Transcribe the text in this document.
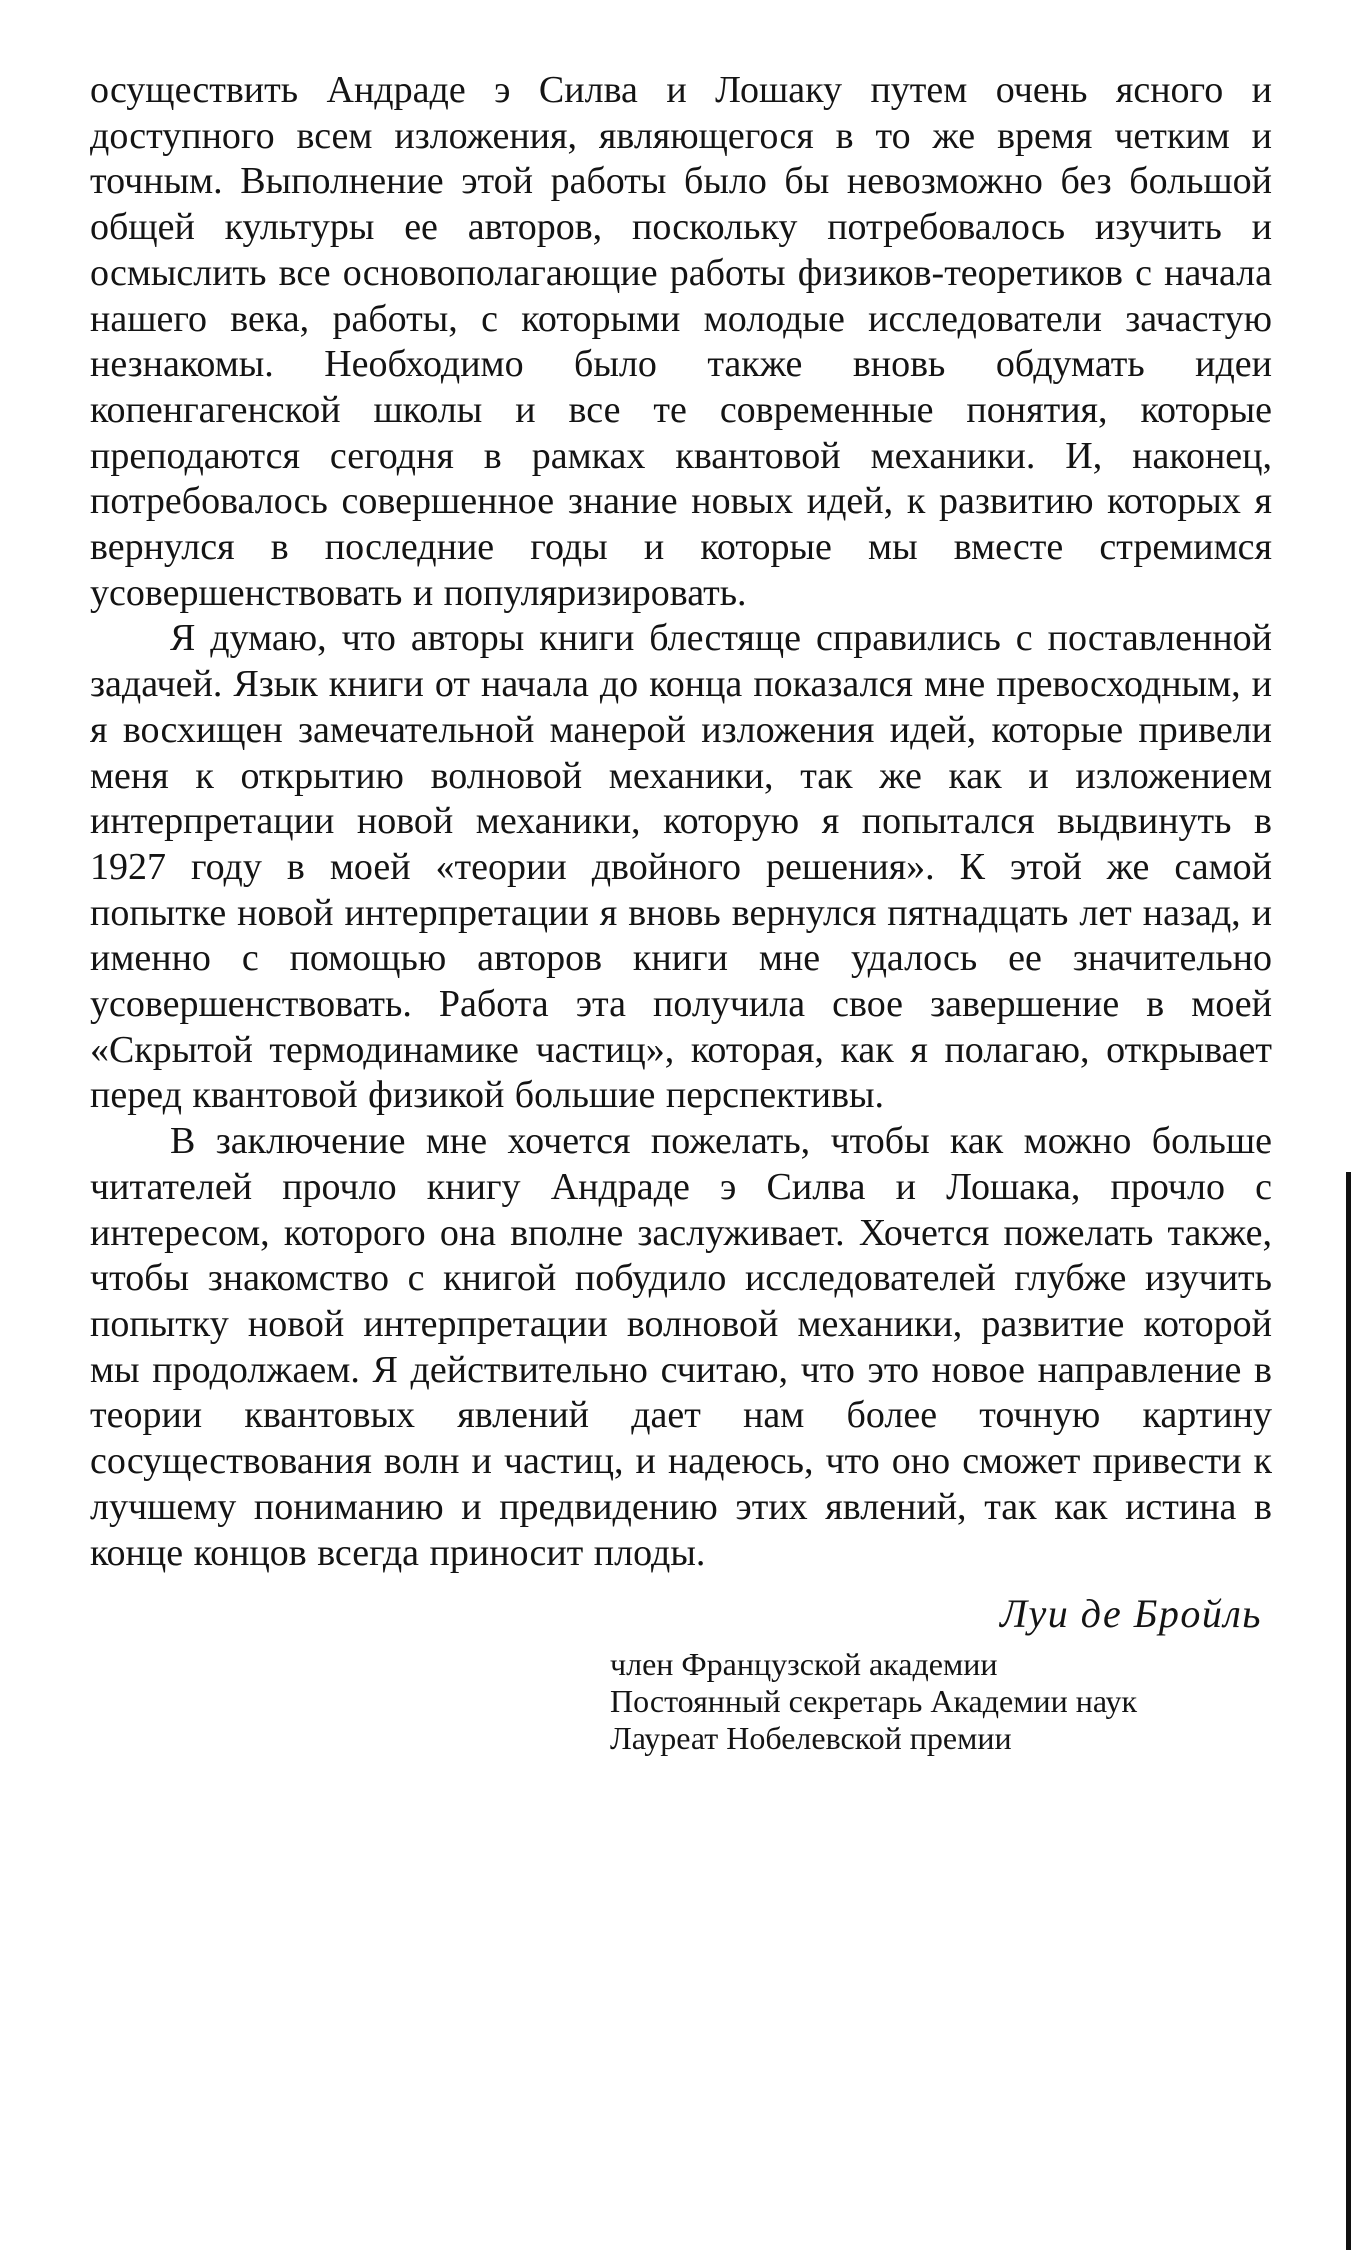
осуществить Андраде э Силва и Лошаку путем очень ясного и доступного всем изложения, являющегося в то же время четким и точным. Выполнение этой работы было бы невозможно без большой общей культуры ее авторов, поскольку потребовалось изучить и осмыслить все основополагающие работы физиков-теоретиков с начала нашего века, работы, с которыми молодые исследователи зачастую незнакомы. Необходимо было также вновь обдумать идеи копенгагенской школы и все те современные понятия, которые преподаются сегодня в рамках квантовой механики. И, наконец, потребовалось совершенное знание новых идей, к развитию которых я вернулся в последние годы и которые мы вместе стремимся усовершенствовать и популяризировать.

Я думаю, что авторы книги блестяще справились с поставленной задачей. Язык книги от начала до конца показался мне превосходным, и я восхищен замечательной манерой изложения идей, которые привели меня к открытию волновой механики, так же как и изложением интерпретации новой механики, которую я попытался выдвинуть в 1927 году в моей «теории двойного решения». К этой же самой попытке новой интерпретации я вновь вернулся пятнадцать лет назад, и именно с помощью авторов книги мне удалось ее значительно усовершенствовать. Работа эта получила свое завершение в моей «Скрытой термодинамике частиц», которая, как я полагаю, открывает перед квантовой физикой большие перспективы.

В заключение мне хочется пожелать, чтобы как можно больше читателей прочло книгу Андраде э Силва и Лошака, прочло с интересом, которого она вполне заслуживает. Хочется пожелать также, чтобы знакомство с книгой побудило исследователей глубже изучить попытку новой интерпретации волновой механики, развитие которой мы продолжаем. Я действительно считаю, что это новое направление в теории квантовых явлений дает нам более точную картину сосуществования волн и частиц, и надеюсь, что оно сможет привести к лучшему пониманию и предвидению этих явлений, так как истина в конце концов всегда приносит плоды.

Луи де Бройль
член Французской академии
Постоянный секретарь Академии наук
Лауреат Нобелевской премии
